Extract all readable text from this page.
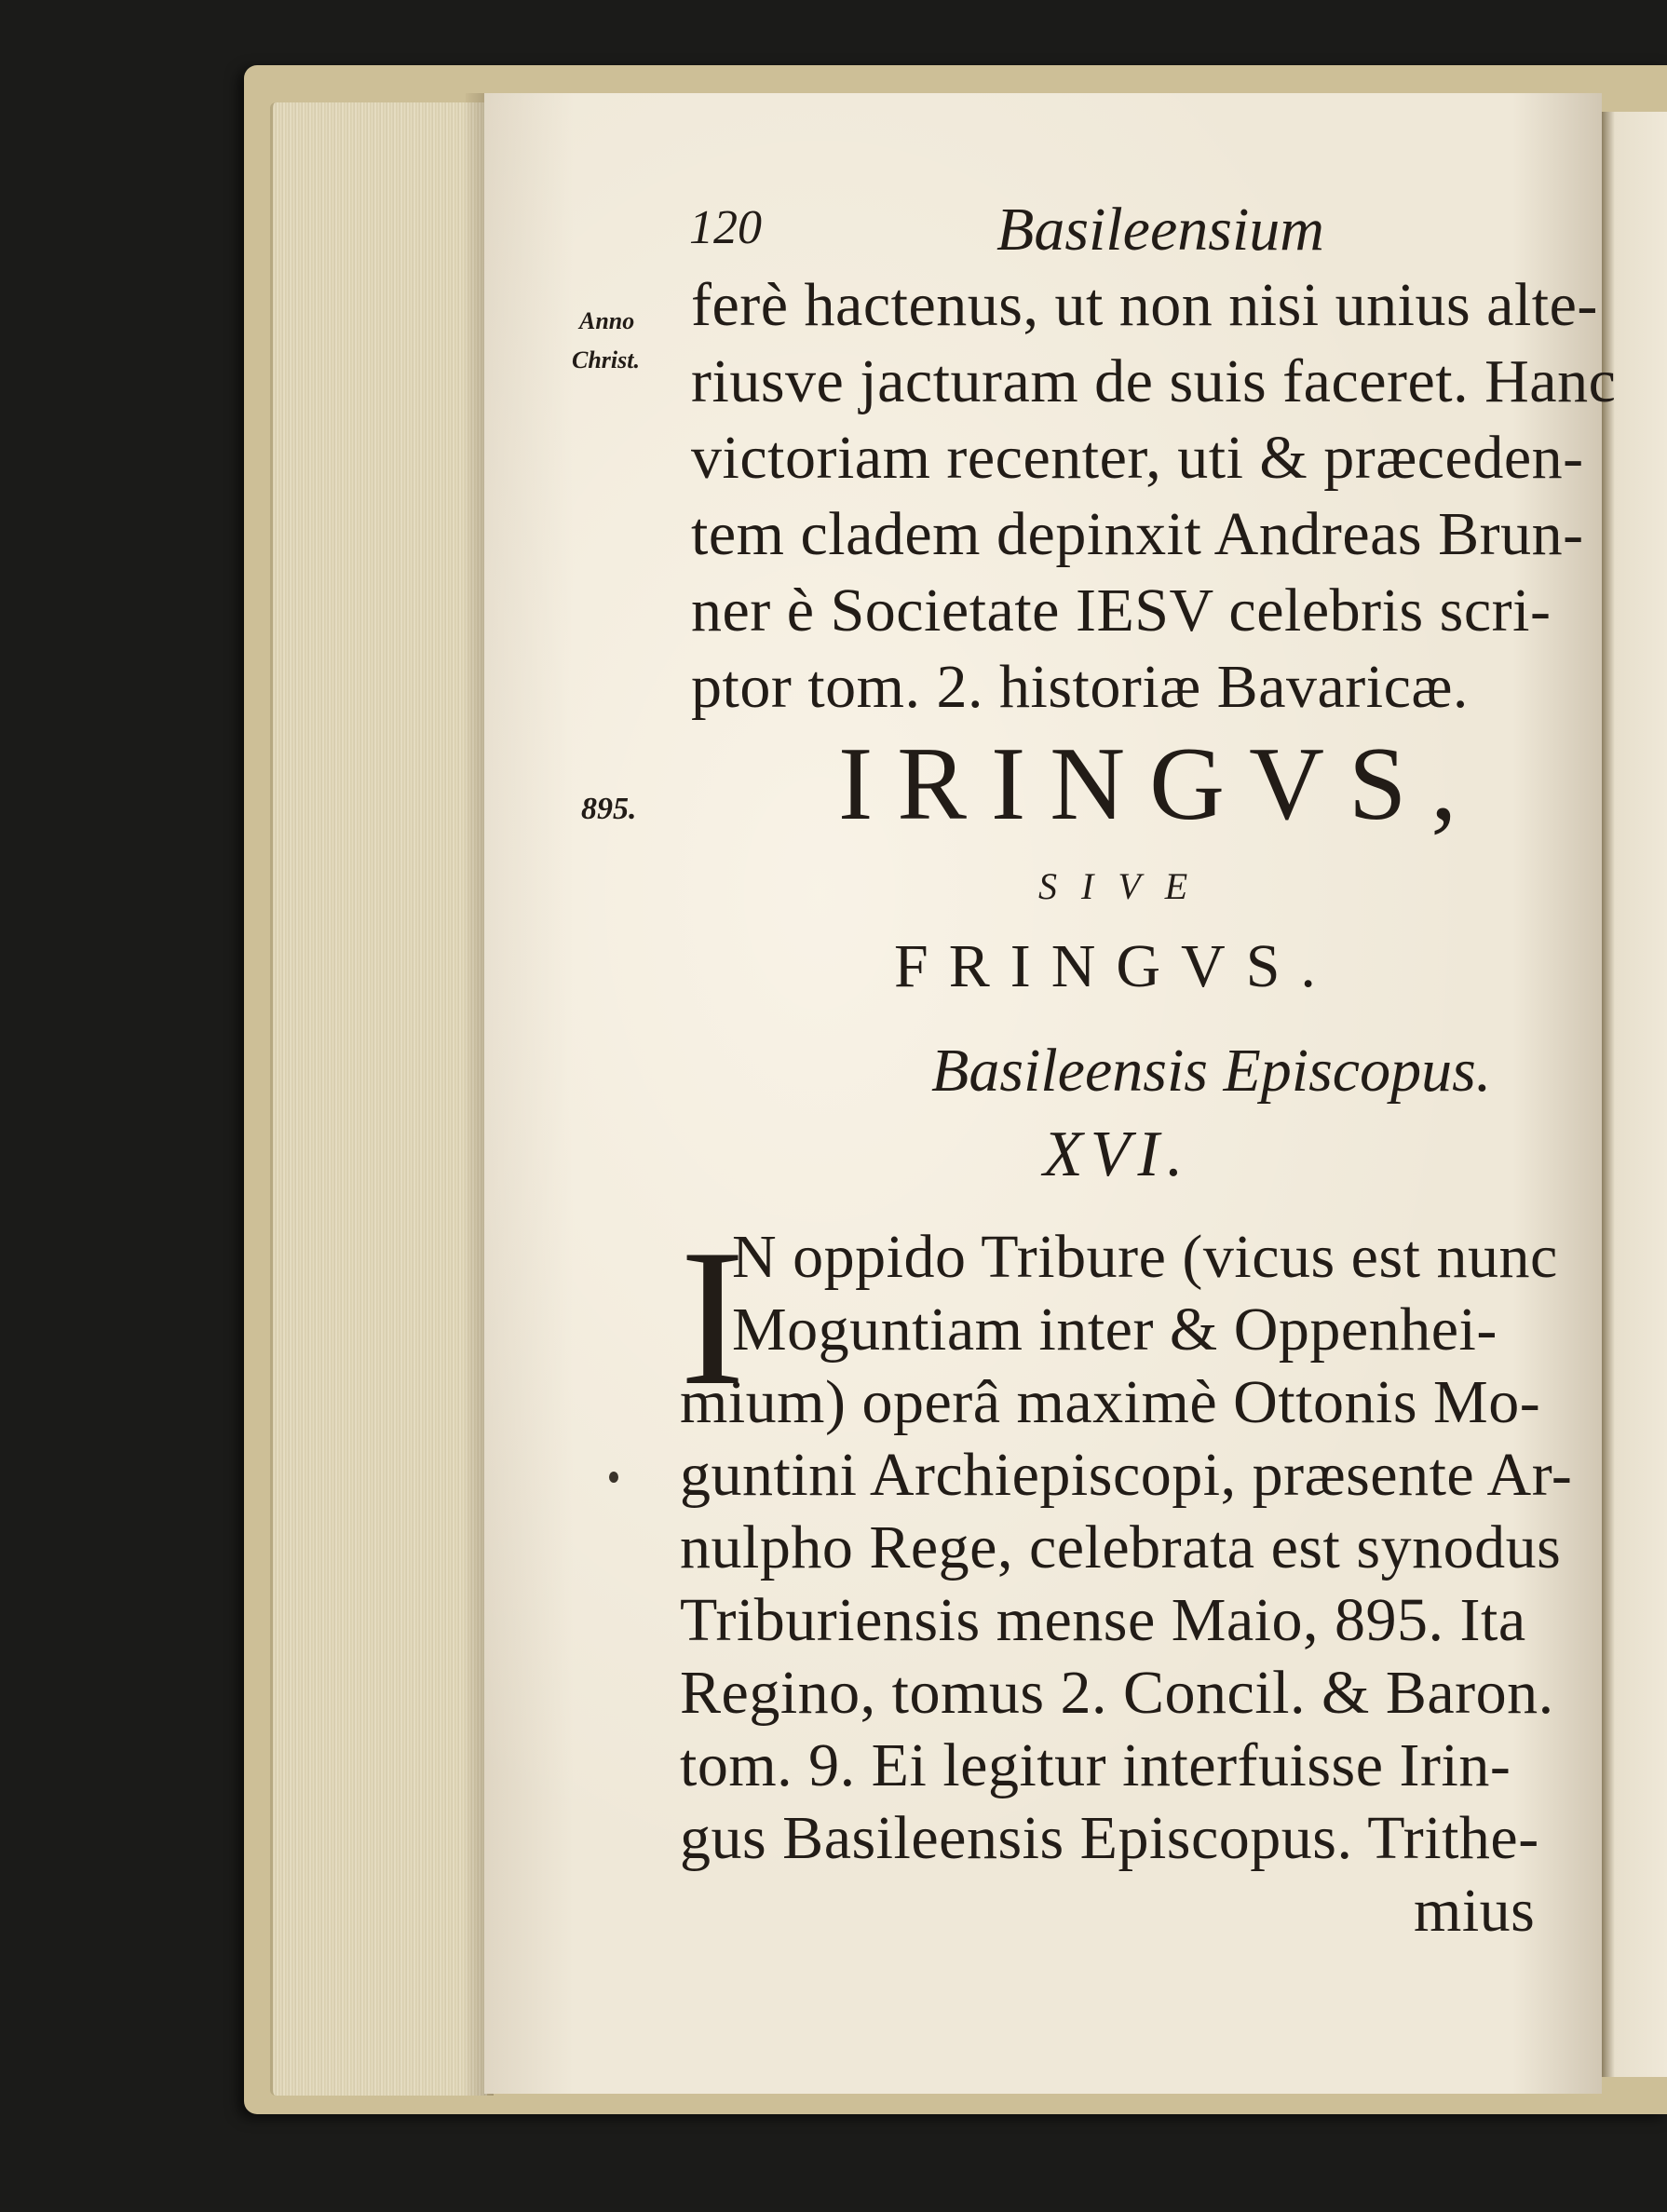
120	Basileensium
Anno
Christ.
895.
ferè hactenus, ut non nisi unius alte-
riusve jacturam de suis faceret. Hanc
victoriam recenter, uti & præceden-
tem cladem depinxit Andreas Brun-
ner è Societate IESV celebris scri-
ptor tom. 2. historiæ Bavaricæ.
IRINGVS,
SIVE
FRINGVS.
Basileensis Episcopus.
XVI.
I
N oppido Tribure (vicus est nunc
Moguntiam inter & Oppenhei-
mium) operâ maximè Ottonis Mo-
guntini Archiepiscopi, præsente Ar-
nulpho Rege, celebrata est synodus
Triburiensis mense Maio, 895. Ita
Regino, tomus 2. Concil. & Baron.
tom. 9. Ei legitur interfuisse Irin-
gus Basileensis Episcopus. Trithe-
mius
